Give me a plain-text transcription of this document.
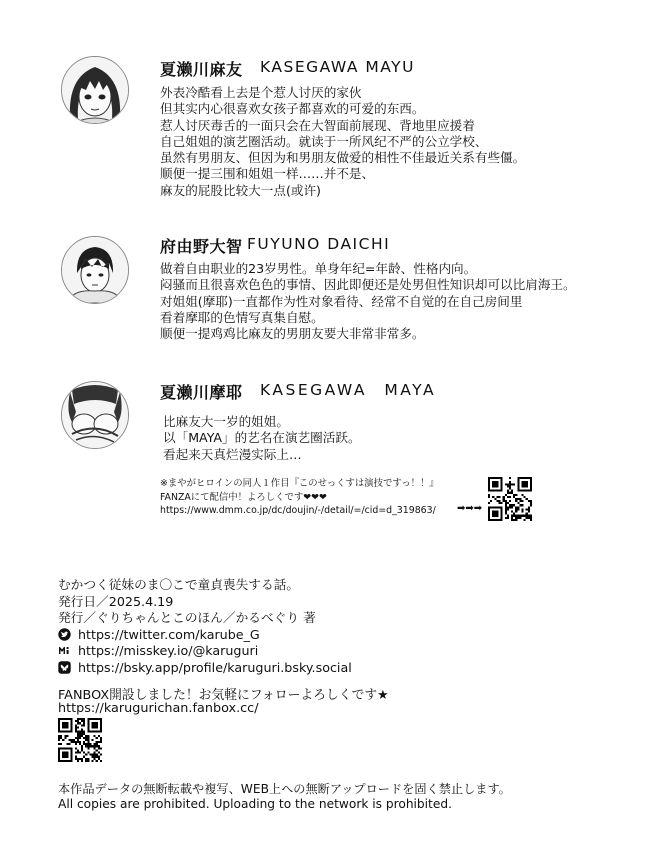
夏濑川麻友 KASEGAWA MAYU
外表冷酷看上去是个惹人讨厌的家伙
但其实内心很喜欢女孩子都喜欢的可爱的东西。
惹人讨厌毒舌的一面只会在大智面前展现、背地里应援着
自己姐姐的演艺圈活动。就读于一所风纪不严的公立学校、
虽然有男朋友、但因为和男朋友做爱的相性不佳最近关系有些僵。
顺便一提三围和姐姐一样……并不是、
麻友的屁股比较大一点(或许)
府由野大智 FUYUNO DAICHI
做着自由职业的23岁男性。单身年纪=年龄、性格内向。
闷骚而且很喜欢色色的事情、因此即便还是处男但性知识却可以比肩海王。
对姐姐(摩耶)一直都作为性对象看待、经常不自觉的在自己房间里
看着摩耶的色情写真集自慰。
顺便一提鸡鸡比麻友的男朋友要大非常非常多。
夏濑川摩耶 KASEGAWA MAYA
比麻友大一岁的姐姐。
以「MAYA」的艺名在演艺圈活跃。
看起来天真烂漫实际上…
※まやがヒロインの同人１作目『このせっくすは演技ですっ！！』
FANZAにて配信中！よろしくです❤❤❤
https://www.dmm.co.jp/dc/doujin/-/detail/=/cid=d_319863/ ➡➡➡
むかつく従妹のま〇こで童貞喪失する話。
発行日／2025.4.19
発行／ぐりちゃんとこのほん／かるべぐり 著
https://twitter.com/karube_G
https://misskey.io/@karuguri
https://bsky.app/profile/karuguri.bsky.social
FANBOX開設しました！お気軽にフォローよろしくです★
https://karugurichan.fanbox.cc/
本作品データの無断転載や複写、WEB上への無断アップロードを固く禁止します。
All copies are prohibited. Uploading to the network is prohibited.
